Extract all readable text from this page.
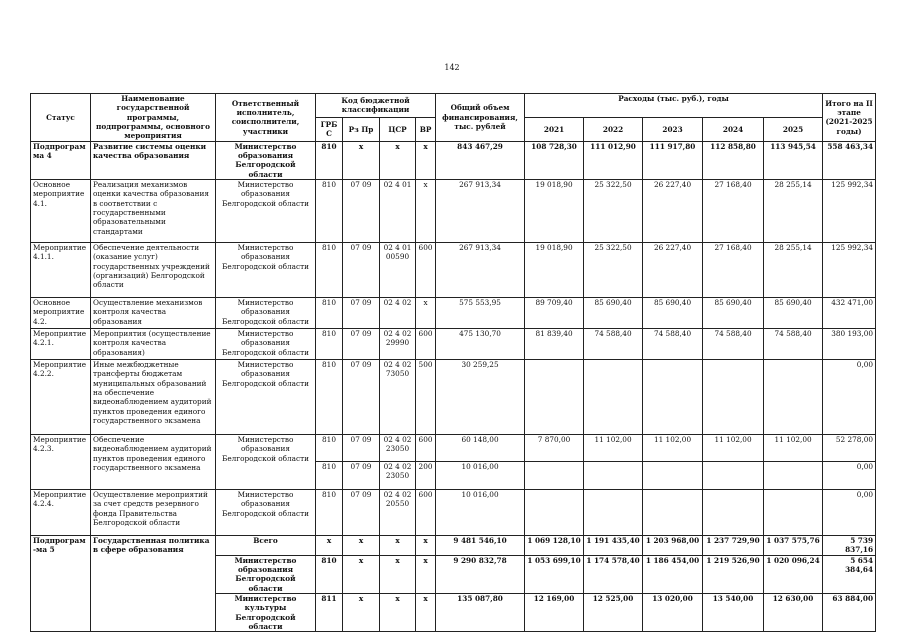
142
Статус	Наименование государственной программы, подпрограммы, основного мероприятия	Ответственный исполнитель, соисполнители, участники	Код бюджетной классификации				Общий объем финансирования, тыс. рублей	Расходы (тыс. руб.), годы					Итого на II этапе (2021-2025 годы)
			ГРБС	Рз Пр	ЦСР	ВР		2021	2022	2023	2024	2025	
Подпрограмма 4	Развитие системы оценки качества образования	Министерство образования Белгородской области	810	х	х	х	843 467,29	108 728,30	111 012,90	111 917,80	112 858,80	113 945,54	558 463,34
Основное мероприятие 4.1.	Реализация механизмов оценки качества образования в соответствии с государственными образовательными стандартами	Министерство образования Белгородской области	810	07 09	02 4 01	х	267 913,34	19 018,90	25 322,50	26 227,40	27 168,40	28 255,14	125 992,34
Мероприятие 4.1.1.	Обеспечение деятельности (оказание услуг) государственных учреждений (организаций) Белгородской области	Министерство образования Белгородской области	810	07 09	02 4 01 00590	600	267 913,34	19 018,90	25 322,50	26 227,40	27 168,40	28 255,14	125 992,34
Основное мероприятие 4.2.	Осуществление механизмов контроля качества образования	Министерство образования Белгородской области	810	07 09	02 4 02	х	575 553,95	89 709,40	85 690,40	85 690,40	85 690,40	85 690,40	432 471,00
Мероприятие 4.2.1.	Мероприятия (осуществление контроля качества образования)	Министерство образования Белгородской области	810	07 09	02 4 02 29990	600	475 130,70	81 839,40	74 588,40	74 588,40	74 588,40	74 588,40	380 193,00
Мероприятие 4.2.2.	Иные межбюджетные трансферты бюджетам муниципальных образований на обеспечение видеонаблюдением аудиторий пунктов проведения единого государственного экзамена	Министерство образования Белгородской области	810	07 09	02 4 02 73050	500	30 259,25						0,00
Мероприятие 4.2.3.	Обеспечение видеонаблюдением аудиторий пунктов проведения единого государственного экзамена	Министерство образования Белгородской области	810	07 09	02 4 02 23050	600	60 148,00	7 870,00	11 102,00	11 102,00	11 102,00	11 102,00	52 278,00
			810	07 09	02 4 02 23050	200	10 016,00						0,00
Мероприятие 4.2.4.	Осуществление мероприятий за счет средств резервного фонда Правительства Белгородской области	Министерство образования Белгородской области	810	07 09	02 4 02 20550	600	10 016,00						0,00
Подпрограм-ма 5	Государственная политика в сфере образования	Всего	х	х	х	х	9 481 546,10	1 069 128,10	1 191 435,40	1 203 968,00	1 237 729,90	1 037 575,76	5 739 837,16
		Министерство образования Белгородской области	810	х	х	х	9 290 832,78	1 053 699,10	1 174 578,40	1 186 454,00	1 219 526,90	1 020 096,24	5 654 384,64
		Министерство культуры Белгородской области	811	х	х	х	135 087,80	12 169,00	12 525,00	13 020,00	13 540,00	12 630,00	63 884,00
